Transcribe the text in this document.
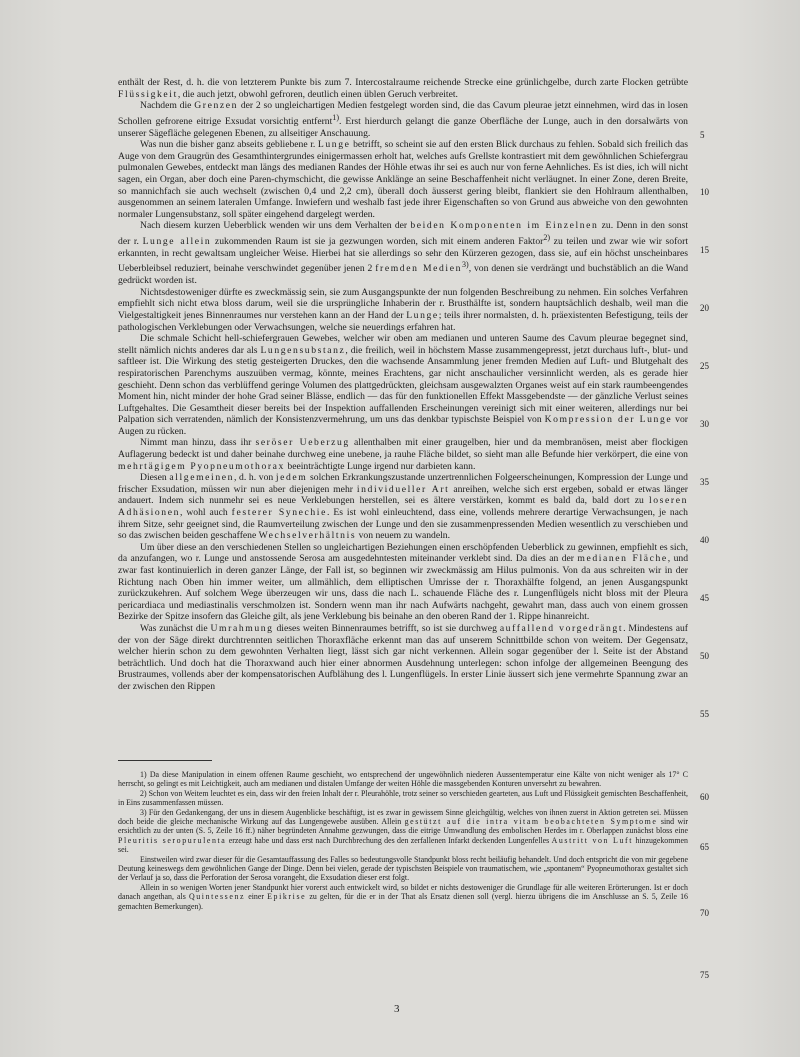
enthält der Rest, d. h. die von letzterem Punkte bis zum 7. Intercostalraume reichende Strecke eine grünlichgelbe, durch zarte Flocken getrübte Flüssigkeit, die auch jetzt, obwohl gefroren, deutlich einen üblen Geruch verbreitet.

Nachdem die Grenzen der 2 so ungleichartigen Medien festgelegt worden sind, die das Cavum pleurae jetzt einnehmen, wird das in losen Schollen gefrorene eitrige Exsudat vorsichtig entfernt$^{1)}$. Erst hierdurch gelangt die ganze Oberfläche der Lunge, auch in den dorsalwärts von unserer Sägefläche gelegenen Ebenen, zu allseitiger Anschauung.

Was nun die bisher ganz abseits gebliebene r. Lunge betrifft, so scheint sie auf den ersten Blick durchaus zu fehlen. Sobald sich freilich das Auge von dem Graugrün des Gesamthintergrundes einigermassen erholt hat, welches aufs Grellste kontrastiert mit dem gewöhnlichen Schiefergrau pulmonalen Gewebes, entdeckt man längs des medianen Randes der Höhle etwas ihr sei es auch nur von ferne Aehnliches. Es ist dies, ich will nicht sagen, ein Organ, aber doch eine Paren-chymschicht, die gewisse Anklänge an seine Beschaffenheit nicht verläugnet. In einer Zone, deren Breite, so mannichfach sie auch wechselt (zwischen 0,4 und 2,2 cm), überall doch äusserst gering bleibt, flankiert sie den Hohlraum allenthalben, ausgenommen an seinem lateralen Umfange. Inwiefern und weshalb fast jede ihrer Eigenschaften so von Grund aus abweiche von den gewohnten normaler Lungensubstanz, soll später eingehend dargelegt werden.

Nach diesem kurzen Ueberblick wenden wir uns dem Verhalten der beiden Komponenten im Einzelnen zu. Denn in den sonst der r. Lunge allein zukommenden Raum ist sie ja gezwungen worden, sich mit einem anderen Faktor$^{2)}$ zu teilen und zwar wie wir sofort erkannten, in recht gewaltsam ungleicher Weise. Hierbei hat sie allerdings so sehr den Kürzeren gezogen, dass sie, auf ein höchst unscheinbares Ueberbleibsel reduziert, beinahe verschwindet gegenüber jenen 2 fremden Medien$^{3)}$, von denen sie verdrängt und buchstäblich an die Wand gedrückt worden ist.

Nichtsdestoweniger dürfte es zweckmässig sein, sie zum Ausgangspunkte der nun folgenden Beschreibung zu nehmen. Ein solches Verfahren empfiehlt sich nicht etwa bloss darum, weil sie die ursprüngliche Inhaberin der r. Brusthälfte ist, sondern hauptsächlich deshalb, weil man die Vielgestaltigkeit jenes Binnenraumes nur verstehen kann an der Hand der Lunge; teils ihrer normalsten, d. h. präexistenten Befestigung, teils der pathologischen Verklebungen oder Verwachsungen, welche sie neuerdings erfahren hat.

Die schmale Schicht hell-schiefergrauen Gewebes, welcher wir oben am medianen und unteren Saume des Cavum pleurae begegnet sind, stellt nämlich nichts anderes dar als Lungensubstanz, die freilich, weil in höchstem Masse zusammengepresst, jetzt durchaus luft-, blut- und saftleer ist. Die Wirkung des stetig gesteigerten Druckes, den die wachsende Ansammlung jener fremden Medien auf Luft- und Blutgehalt des respiratorischen Parenchyms auszuüben vermag, könnte, meines Erachtens, gar nicht anschaulicher versinnlicht werden, als es gerade hier geschieht. Denn schon das verblüffend geringe Volumen des plattgedrückten, gleichsam ausgewalzten Organes weist auf ein stark raumbeengendes Moment hin, nicht minder der hohe Grad seiner Blässe, endlich — das für den funktionellen Effekt Massgebendste — der gänzliche Verlust seines Luftgehaltes. Die Gesamtheit dieser bereits bei der Inspektion auffallenden Erscheinungen vereinigt sich mit einer weiteren, allerdings nur bei Palpation sich verratenden, nämlich der Konsistenzvermehrung, um uns das denkbar typischste Beispiel von Kompression der Lunge vor Augen zu rücken.

Nimmt man hinzu, dass ihr seröser Ueberzug allenthalben mit einer graugelben, hier und da membranösen, meist aber flockigen Auflagerung bedeckt ist und daher beinahe durchweg eine unebene, ja rauhe Fläche bildet, so sieht man alle Befunde hier verkörpert, die eine von mehrtägigem Pyopneumothorax beeinträchtigte Lunge irgend nur darbieten kann.

Diesen allgemeinen, d. h. von jedem solchen Erkrankungszustande unzertrennlichen Folgeerscheinungen, Kompression der Lunge und frischer Exsudation, müssen wir nun aber diejenigen mehr individueller Art anreihen, welche sich erst ergeben, sobald er etwas länger andauert. Indem sich nunmehr sei es neue Verklebungen herstellen, sei es ältere verstärken, kommt es bald da, bald dort zu loseren Adhäsionen, wohl auch festerer Synechie. Es ist wohl einleuchtend, dass eine, vollends mehrere derartige Verwachsungen, je nach ihrem Sitze, sehr geeignet sind, die Raumverteilung zwischen der Lunge und den sie zusammenpressenden Medien wesentlich zu verschieben und so das zwischen beiden geschaffene Wechselverhältnis von neuem zu wandeln.

Um über diese an den verschiedenen Stellen so ungleichartigen Beziehungen einen erschöpfenden Ueberblick zu gewinnen, empfiehlt es sich, da anzufangen, wo r. Lunge und anstossende Serosa am ausgedehntesten miteinander verklebt sind. Da dies an der medianen Fläche, und zwar fast kontinuierlich in deren ganzer Länge, der Fall ist, so beginnen wir zweckmässig am Hilus pulmonis. Von da aus schreiten wir in der Richtung nach Oben hin immer weiter, um allmählich, dem elliptischen Umrisse der r. Thoraxhälfte folgend, an jenen Ausgangspunkt zurückzukehren. Auf solchem Wege überzeugen wir uns, dass die nach L. schauende Fläche des r. Lungenflügels nicht bloss mit der Pleura pericardiaca und mediastinalis verschmolzen ist. Sondern wenn man ihr nach Aufwärts nachgeht, gewahrt man, dass auch von einem grossen Bezirke der Spitze insofern das Gleiche gilt, als jene Verklebung bis beinahe an den oberen Rand der 1. Rippe hinanreicht.

Was zunächst die Umrahmung dieses weiten Binnenraumes betrifft, so ist sie durchweg auffallend vorgedrängt. Mindestens auf der von der Säge direkt durchtrennten seitlichen Thoraxfläche erkennt man das auf unserem Schnittbilde schon von weitem. Der Gegensatz, welcher hierin schon zu dem gewohnten Verhalten liegt, lässt sich gar nicht verkennen. Allein sogar gegenüber der l. Seite ist der Abstand beträchtlich. Und doch hat die Thoraxwand auch hier einer abnormen Ausdehnung unterlegen: schon infolge der allgemeinen Beengung des Brustraumes, vollends aber der kompensatorischen Aufblähung des l. Lungenflügels. In erster Linie äussert sich jene vermehrte Spannung zwar an der zwischen den Rippen

1) Da diese Manipulation in einem offenen Raume geschieht, wo entsprechend der ungewöhnlich niederen Aussentemperatur eine Kälte von nicht weniger als 17° C herrscht, so gelingt es mit Leichtigkeit, auch am medianen und distalen Umfange der weiten Höhle die massgebenden Konturen unversehrt zu bewahren.

2) Schon von Weitem leuchtet es ein, dass wir den freien Inhalt der r. Pleurahöhle, trotz seiner so verschieden gearteten, aus Luft und Flüssigkeit gemischten Beschaffenheit, in Eins zusammenfassen müssen.

3) Für den Gedankengang, der uns in diesem Augenblicke beschäftigt, ist es zwar in gewissem Sinne gleichgültig, welches von ihnen zuerst in Aktion getreten sei. Müssen doch beide die gleiche mechanische Wirkung auf das Lungengewebe ausüben. Allein gestützt auf die intra vitam beobachteten Symptome sind wir ersichtlich zu der unten (S. 5, Zeile 16 ff.) näher begründeten Annahme gezwungen, dass die eitrige Umwandlung des embolischen Herdes im r. Oberlappen zunächst bloss eine Pleuritis seropurulenta erzeugt habe und dass erst nach Durchbrechung des den zerfallenen Infarkt deckenden Lungenfelles Austritt von Luft hinzugekommen sei.

Einstweilen wird zwar dieser für die Gesamtauffassung des Falles so bedeutungsvolle Standpunkt bloss recht beiläufig behandelt. Und doch entspricht die von mir gegebene Deutung keineswegs dem gewöhnlichen Gange der Dinge. Denn bei vielen, gerade der typischsten Beispiele von traumatischem, wie „spontanem“ Pyopneumothorax gestaltet sich der Verlauf ja so, dass die Perforation der Serosa vorangeht, die Exsudation dieser erst folgt.

Allein in so wenigen Worten jener Standpunkt hier vorerst auch entwickelt wird, so bildet er nichts destoweniger die Grundlage für alle weiteren Erörterungen. Ist er doch danach angethan, als Quintessenz einer Epikrise zu gelten, für die er in der That als Ersatz dienen soll (vergl. hierzu übrigens die im Anschlusse an S. 5, Zeile 16 gemachten Bemerkungen).

3
5
10
15
20
25
30
35
40
45
50
55
60
65
70
75
